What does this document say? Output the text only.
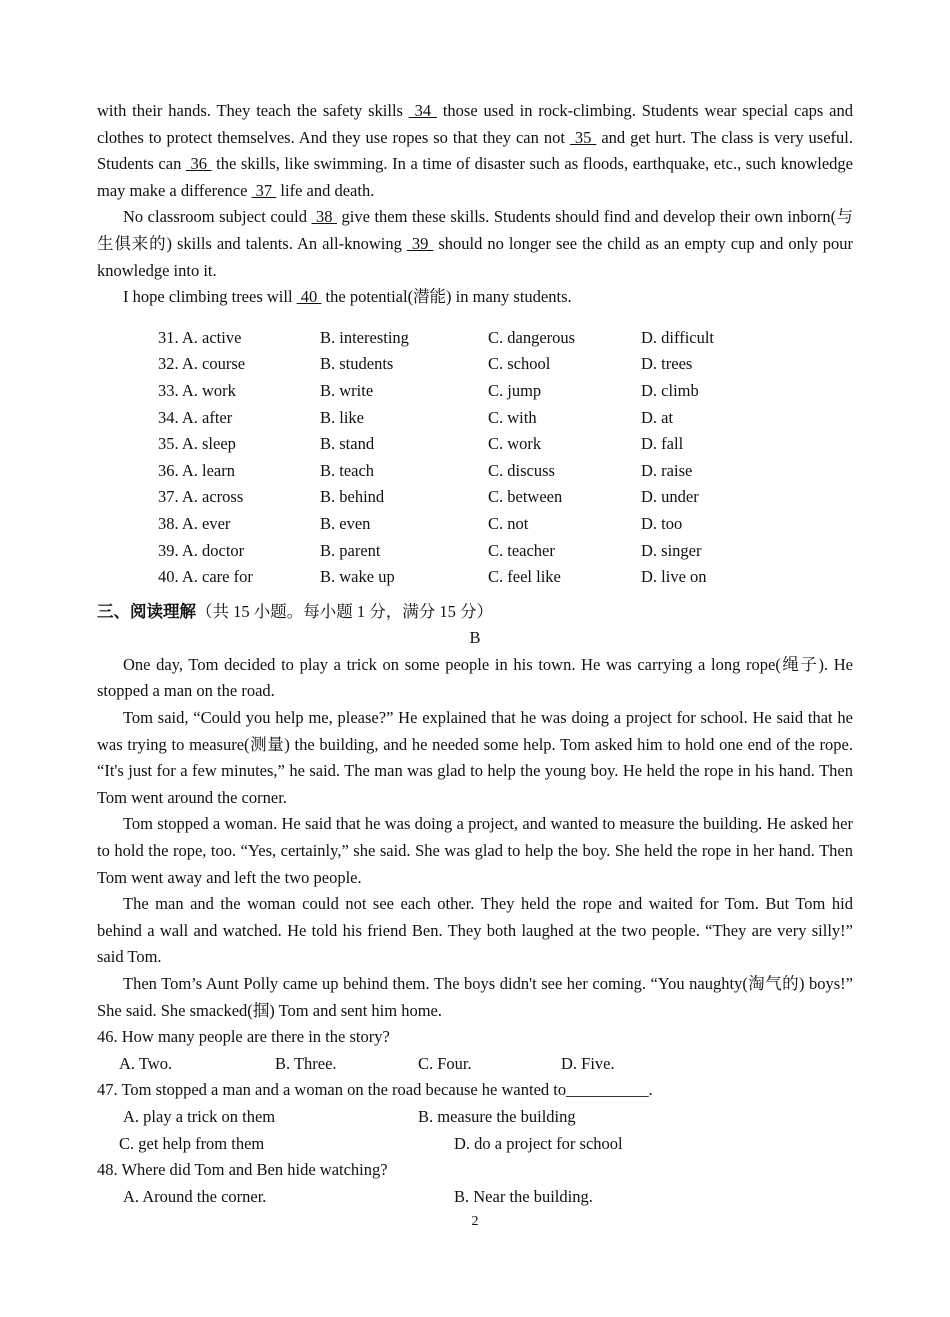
with their hands. They teach the safety skills  34  those used in rock-climbing. Students wear special caps and clothes to protect themselves. And they use ropes so that they can not  35  and get hurt. The class is very useful. Students can  36  the skills, like swimming. In a time of disaster such as floods, earthquake, etc., such knowledge may make a difference  37  life and death.

No classroom subject could  38  give them these skills. Students should find and develop their own inborn(与生俱来的) skills and talents. An all-knowing  39  should no longer see the child as an empty cup and only pour knowledge into it.

I hope climbing trees will  40  the potential(潜能) in many students.

31. A. active	B. interesting	C. dangerous	D. difficult
32. A. course	B. students	C. school	D. trees
33. A. work	B. write	C. jump	D. climb
34. A. after	B. like	C. with	D. at
35. A. sleep	B. stand	C. work	D. fall
36. A. learn	B. teach	C. discuss	D. raise
37. A. across	B. behind	C. between	D. under
38. A. ever	B. even	C. not	D. too
39. A. doctor	B. parent	C. teacher	D. singer
40. A. care for	B. wake up	C. feel like	D. live on
三、阅读理解（共 15 小题。每小题 1 分，满分 15 分）
B

One day, Tom decided to play a trick on some people in his town. He was carrying a long rope(绳子). He stopped a man on the road.

Tom said, “Could you help me, please?” He explained that he was doing a project for school. He said that he was trying to measure(测量) the building, and he needed some help. Tom asked him to hold one end of the rope. “It's just for a few minutes,” he said. The man was glad to help the young boy. He held the rope in his hand. Then Tom went around the corner.

Tom stopped a woman. He said that he was doing a project, and wanted to measure the building. He asked her to hold the rope, too. “Yes, certainly,” she said. She was glad to help the boy. She held the rope in her hand. Then Tom went away and left the two people.

The man and the woman could not see each other. They held the rope and waited for Tom. But Tom hid behind a wall and watched. He told his friend Ben. They both laughed at the two people. “They are very silly!” said Tom.

Then Tom’s Aunt Polly came up behind them. The boys didn't see her coming. “You naughty(淘气的) boys!” She said. She smacked(掴) Tom and sent him home.

46. How many people are there in the story?

A. Two.	B. Three.	C. Four.	D. Five.

47. Tom stopped a man and a woman on the road because he wanted to__________.

A. play a trick on them	B. measure the building
C. get help from them	D. do a project for school

48. Where did Tom and Ben hide watching?

A. Around the corner.	B. Near the building.
2
